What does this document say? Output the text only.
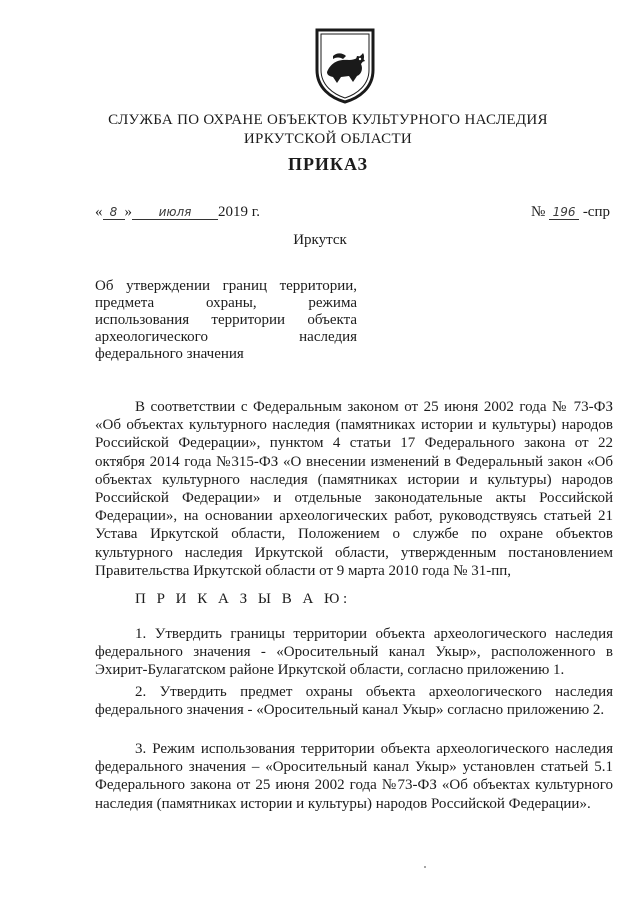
СЛУЖБА ПО ОХРАНЕ ОБЪЕКТОВ КУЛЬТУРНОГО НАСЛЕДИЯ
ИРКУТСКОЙ ОБЛАСТИ
ПРИКАЗ
« 8 » июля 2019 г.	№ 196 -спр
Иркутск

Об утверждении границ территории,

предмета охраны, режима

использования территории объекта

археологического наследия

федерального значения

В соответствии с Федеральным законом от 25 июня 2002 года № 73-ФЗ «Об объектах культурного наследия (памятниках истории и культуры) народов Российской Федерации», пунктом 4 статьи 17 Федерального закона от 22 октября 2014 года №315-ФЗ «О внесении изменений в Федеральный закон «Об объектах культурного наследия (памятниках истории и культуры) народов Российской Федерации» и отдельные законодательные акты Российской Федерации», на основании археологических работ, руководствуясь статьей 21 Устава Иркутской области, Положением о службе по охране объектов культурного наследия Иркутской области, утвержденным постановлением Правительства Иркутской области от 9 марта 2010 года № 31-пп,

П Р И К А З Ы В А Ю:

1. Утвердить границы территории объекта археологического наследия федерального значения - «Оросительный канал Укыр», расположенного в Эхирит-Булагатском районе Иркутской области, согласно приложению 1.

2. Утвердить предмет охраны объекта археологического наследия федерального значения - «Оросительный канал Укыр» согласно приложению 2.

3. Режим использования территории объекта археологического наследия федерального значения – «Оросительный канал Укыр» установлен статьей 5.1 Федерального закона от 25 июня 2002 года №73-ФЗ «Об объектах культурного наследия (памятниках истории и культуры) народов Российской Федерации».
